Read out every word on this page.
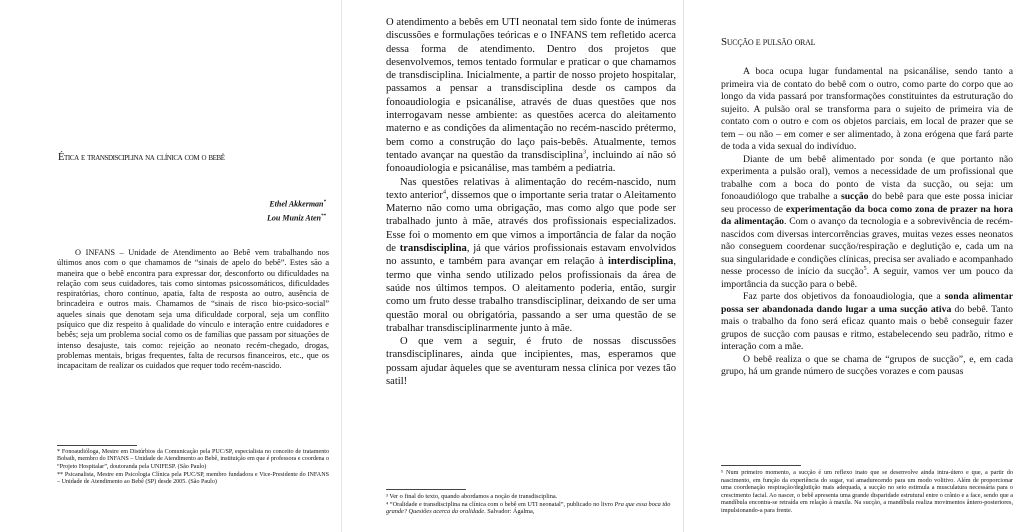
Ética e transdisciplina na clínica com o bebê
Ethel Akkerman*
Lou Muniz Aten**

O INFANS – Unidade de Atendimento ao Bebê vem trabalhando nos últimos anos com o que chamamos de “sinais de apelo do bebê”. Estes são a maneira que o bebê encontra para expressar dor, desconforto ou dificuldades na relação com seus cuidadores, tais como sintomas psicossomáticos, dificuldades respiratórias, choro contínuo, apatia, falta de resposta ao outro, ausência de brincadeira e outros mais. Chamamos de “sinais de risco bio-psico-social” aqueles sinais que denotam seja uma dificuldade corporal, seja um conflito psíquico que diz respeito à qualidade do vínculo e interação entre cuidadores e bebês; seja um problema social como os de famílias que passam por situações de intenso desajuste, tais como: rejeição ao neonato recém-chegado, drogas, problemas mentais, brigas frequentes, falta de recursos financeiros, etc., que os incapacitam de realizar os cuidados que requer todo recém-nascido.

* Fonoaudióloga, Mestre em Distúrbios da Comunicação pela PUC/SP, especialista no conceito de tratamento Bobath, membro do INFANS – Unidade de Atendimento ao Bebê, instituição em que é professora e coordena o “Projeto Hospitalar”, doutoranda pela UNIFESP. (São Paulo)

** Psicanalista, Mestre em Psicologia Clínica pela PUC/SP, membro fundadora e Vice-Presidente do INFANS – Unidade de Atendimento ao Bebê (SP) desde 2005. (São Paulo)

O atendimento a bebês em UTI neonatal tem sido fonte de inúmeras discussões e formulações teóricas e o INFANS tem refletido acerca dessa forma de atendimento. Dentro dos projetos que desenvolvemos, temos tentado formular e praticar o que chamamos de transdisciplina. Inicialmente, a partir de nosso projeto hospitalar, passamos a pensar a transdisciplina desde os campos da fonoaudiologia e psicanálise, através de duas questões que nos interrogavam nesse ambiente: as questões acerca do aleitamento materno e as condições da alimentação no recém-nascido prétermo, bem como a construção do laço pais-bebês. Atualmente, temos tentado avançar na questão da transdisciplina$^3$, incluindo aí não só fonoaudiologia e psicanálise, mas também a pediatria.

Nas questões relativas à alimentação do recém-nascido, num texto anterior$^4$, dissemos que o importante seria tratar o Aleitamento Materno não como uma obrigação, mas como algo que pode ser trabalhado junto à mãe, através dos profissionais especializados. Esse foi o momento em que vimos a importância de falar da noção de transdisciplina, já que vários profissionais estavam envolvidos no assunto, e também para avançar em relação à interdisciplina, termo que vinha sendo utilizado pelos profissionais da área de saúde nos últimos tempos. O aleitamento poderia, então, surgir como um fruto desse trabalho transdisciplinar, deixando de ser uma questão moral ou obrigatória, passando a ser uma questão de se trabalhar transdisciplinarmente junto à mãe.

O que vem a seguir, é fruto de nossas discussões transdisciplinares, ainda que incipientes, mas, esperamos que possam ajudar àqueles que se aventuram nessa clínica por vezes tão satil!

³ Ver o final do texto, quando abordamos a noção de transdisciplina.

⁴ “Oralidade e transdisciplina na clínica com o bebê em UTI neonatal”, publicado no livro Pra que essa boca tão grande? Questões acerca da oralidade. Salvador: Ágalma,

Sucção e pulsão oral

A boca ocupa lugar fundamental na psicanálise, sendo tanto a primeira via de contato do bebê com o outro, como parte do corpo que ao longo da vida passará por transformações constituintes da estruturação do sujeito. A pulsão oral se transforma para o sujeito de primeira via de contato com o outro e com os objetos parciais, em local de prazer que se tem – ou não – em comer e ser alimentado, à zona erógena que fará parte de toda a vida sexual do indivíduo.

Diante de um bebê alimentado por sonda (e que portanto não experimenta a pulsão oral), vemos a necessidade de um profissional que trabalhe com a boca do ponto de vista da sucção, ou seja: um fonoaudiólogo que trabalhe a sucção do bebê para que este possa iniciar seu processo de experimentação da boca como zona de prazer na hora da alimentação. Com o avanço da tecnologia e a sobrevivência de recém-nascidos com diversas intercorrências graves, muitas vezes esses neonatos não conseguem coordenar sucção/respiração e deglutição e, cada um na sua singularidade e condições clínicas, precisa ser avaliado e acompanhado nesse processo de início da sucção$^5$. A seguir, vamos ver um pouco da importância da sucção para o bebê.

Faz parte dos objetivos da fonoaudiologia, que a sonda alimentar possa ser abandonada dando lugar a uma sucção ativa do bebê. Tanto mais o trabalho da fono será eficaz quanto mais o bebê conseguir fazer grupos de sucção com pausas e ritmo, estabelecendo seu padrão, ritmo e interação com a mãe.

O bebê realiza o que se chama de “grupos de sucção”, e, em cada grupo, há um grande número de sucções vorazes e com pausas

⁵ Num primeiro momento, a sucção é um reflexo inato que se desenvolve ainda intra-útero e que, a partir do nascimento, em função da experiência do sugar, vai amadurecendo para um modo volitivo. Além de proporcionar uma coordenação respiração/deglutição mais adequada, a sucção no seio estimula a musculatura necessária para o crescimento facial. Ao nascer, o bebê apresenta uma grande disparidade estrutural entre o crânio e a face, sendo que a mandíbula encontra-se retraída em relação à maxila. Na sucção, a mandíbula realiza movimentos ântero-posteriores, impulsionando-a para frente.
